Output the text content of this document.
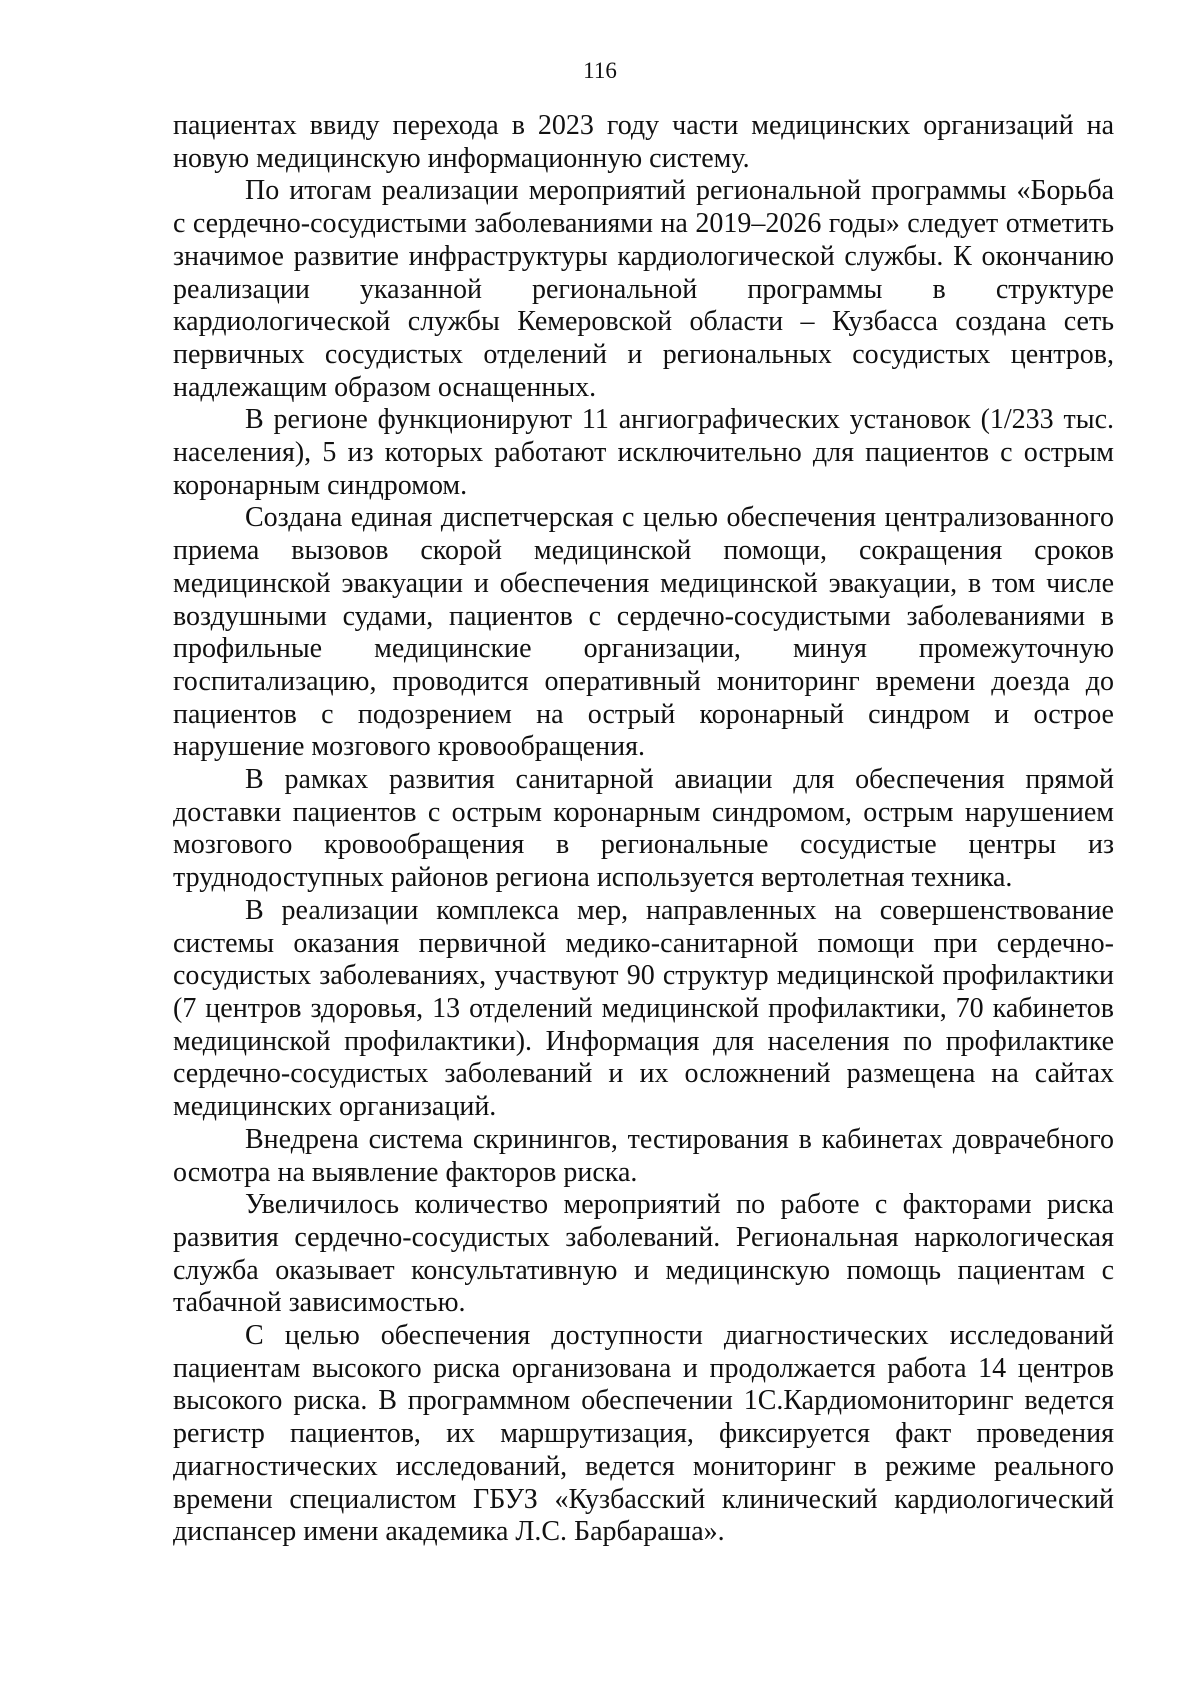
116

пациентах ввиду перехода в 2023 году части медицинских организаций на новую медицинскую информационную систему.

По итогам реализации мероприятий региональной программы «Борьба с сердечно-сосудистыми заболеваниями на 2019–2026 годы» следует отметить значимое развитие инфраструктуры кардиологической службы. К окончанию реализации указанной региональной программы в структуре кардиологической службы Кемеровской области – Кузбасса создана сеть первичных сосудистых отделений и региональных сосудистых центров, надлежащим образом оснащенных.

В регионе функционируют 11 ангиографических установок (1/233 тыс. населения), 5 из которых работают исключительно для пациентов с острым коронарным синдромом.

Создана единая диспетчерская с целью обеспечения централизованного приема вызовов скорой медицинской помощи, сокращения сроков медицинской эвакуации и обеспечения медицинской эвакуации, в том числе воздушными судами, пациентов с сердечно-сосудистыми заболеваниями в профильные медицинские организации, минуя промежуточную госпитализацию, проводится оперативный мониторинг времени доезда до пациентов с подозрением на острый коронарный синдром и острое нарушение мозгового кровообращения.

В рамках развития санитарной авиации для обеспечения прямой доставки пациентов с острым коронарным синдромом, острым нарушением мозгового кровообращения в региональные сосудистые центры из труднодоступных районов региона используется вертолетная техника.

В реализации комплекса мер, направленных на совершенствование системы оказания первичной медико-санитарной помощи при сердечно-сосудистых заболеваниях, участвуют 90 структур медицинской профилактики (7 центров здоровья, 13 отделений медицинской профилактики, 70 кабинетов медицинской профилактики). Информация для населения по профилактике сердечно-сосудистых заболеваний и их осложнений размещена на сайтах медицинских организаций.

Внедрена система скринингов, тестирования в кабинетах доврачебного осмотра на выявление факторов риска.

Увеличилось количество мероприятий по работе с факторами риска развития сердечно-сосудистых заболеваний. Региональная наркологическая служба оказывает консультативную и медицинскую помощь пациентам с табачной зависимостью.

С целью обеспечения доступности диагностических исследований пациентам высокого риска организована и продолжается работа 14 центров высокого риска. В программном обеспечении 1С.Кардиомониторинг ведется регистр пациентов, их маршрутизация, фиксируется факт проведения диагностических исследований, ведется мониторинг в режиме реального времени специалистом ГБУЗ «Кузбасский клинический кардиологический диспансер имени академика Л.С. Барбараша».
